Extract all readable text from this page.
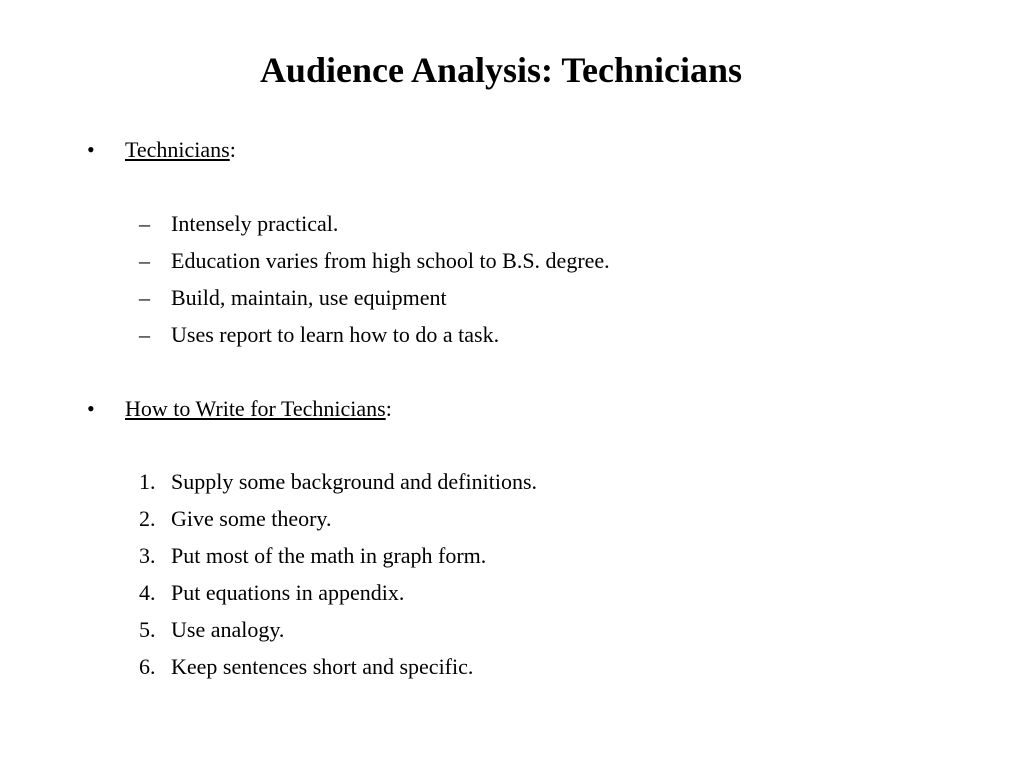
Audience Analysis: Technicians
• Technicians:
– Intensely practical.
– Education varies from high school to B.S. degree.
– Build, maintain, use equipment
– Uses report to learn how to do a task.
• How to Write for Technicians:
1. Supply some background and definitions.
2. Give some theory.
3. Put most of the math in graph form.
4. Put equations in appendix.
5. Use analogy.
6. Keep sentences short and specific.
